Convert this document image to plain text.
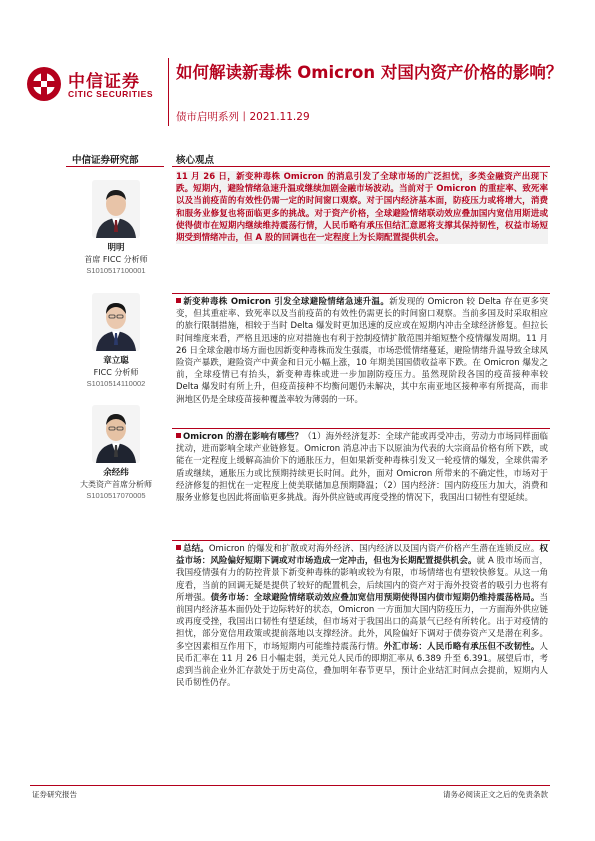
中信证券
CITIC SECURITIES
如何解读新毒株 Omicron 对国内资产价格的影响？
债市启明系列丨2021.11.29
中信证券研究部
明明
首席 FICC 分析师
S1010517100001
章立聪
FICC 分析师
S1010514110002
余经纬
大类资产首席分析师
S1010517070005
核心观点
11 月 26 日，新变种毒株 Omicron 的消息引发了全球市场的广泛担忧，多类金融资产出现下跌。短期内，避险情绪急速升温或继续加剧金融市场波动。当前对于 Omicron 的重症率、致死率以及当前疫苗的有效性仍需一定的时间窗口观察。对于国内经济基本面，防疫压力或将增大，消费和服务业修复也将面临更多的挑战。对于资产价格，全球避险情绪联动效应叠加国内宽信用斯进或使得债市在短期内继续维持震荡行情，人民币略有承压但结汇意愿将支撑其保持韧性，权益市场短期受到情绪冲击，但 A 股的回调也在一定程度上为长期配置提供机会。
新变种毒株 Omicron 引发全球避险情绪急速升温。新发现的 Omicron 较 Delta 存在更多突变，但其重症率、致死率以及当前疫苗的有效性仍需更长的时间窗口观察。当前多国及时采取相应的旅行限制措施，相较于当时 Delta 爆发时更加迅速的反应或在短期内冲击全球经济修复。但拉长时间维度来看，严格且迅速的应对措施也有利于控制疫情扩散范围并缩短整个疫情爆发周期。11 月 26 日全球金融市场方面也因新变种毒株而发生强震，市场恐慌情绪蔓延，避险情绪升温导致全球风险资产暴跌，避险资产中黄金和日元小幅上涨，10 年期美国国债收益率下跌。在 Omicron 爆发之前，全球疫情已有抬头，新变种毒株或进一步加剧防疫压力。虽然现阶段各国的疫苗接种率较 Delta 爆发时有所上升，但疫苗接种不均衡问题仍未解决，其中东南亚地区接种率有所提高，而非洲地区仍是全球疫苗接种覆盖率较为薄弱的一环。
Omicron 的潜在影响有哪些？（1）海外经济复苏：全球产能或再受冲击，劳动力市场同样面临扰动，进而影响全球产业链修复。Omicron 消息冲击下以原油为代表的大宗商品价格有所下跌，或能在一定程度上缓解高油价下的通胀压力，但如果新变种毒株引发又一轮疫情的爆发，全球供需矛盾或继续，通胀压力或比预期持续更长时间。此外，面对 Omicron 所带来的不确定性，市场对于经济修复的担忧在一定程度上使美联储加息预期降温；（2）国内经济：国内防疫压力加大，消费和服务业修复也因此将面临更多挑战。海外供应链或再度受挫的情况下，我国出口韧性有望延续。
总结。Omicron 的爆发和扩散或对海外经济、国内经济以及国内资产价格产生潜在连锁反应。权益市场：风险偏好短期下调或对市场造成一定冲击，但也为长期配置提供机会。就 A 股市场而言，我国疫情强有力的防控背景下新变种毒株的影响或较为有限，市场情绪也有望较快修复。从这一角度看，当前的回调无疑是提供了较好的配置机会，后续国内的资产对于海外投资者的吸引力也将有所增强。债务市场：全球避险情绪联动效应叠加宽信用预期使得国内债市短期仍维持震荡格局。当前国内经济基本面仍处于边际转好的状态，Omicron 一方面加大国内防疫压力，一方面海外供应链或再度受挫，我国出口韧性有望延续，但市场对于我国出口的高景气已经有所转化。出于对疫情的担忧，部分宽信用政策或提前落地以支撑经济。此外，风险偏好下调对于债券资产又是潜在利多。多空因素相互作用下，市场短期内可能维持震荡行情。外汇市场：人民币略有承压但不改韧性。人民币汇率在 11 月 26 日小幅走弱，美元兑人民币的即期汇率从 6.389 升至 6.391。展望后市，考虑到当前企业外汇存款处于历史高位，叠加明年春节更早，预计企业结汇时间点会提前，短期内人民币韧性仍存。
证券研究报告	请务必阅读正文之后的免责条款
